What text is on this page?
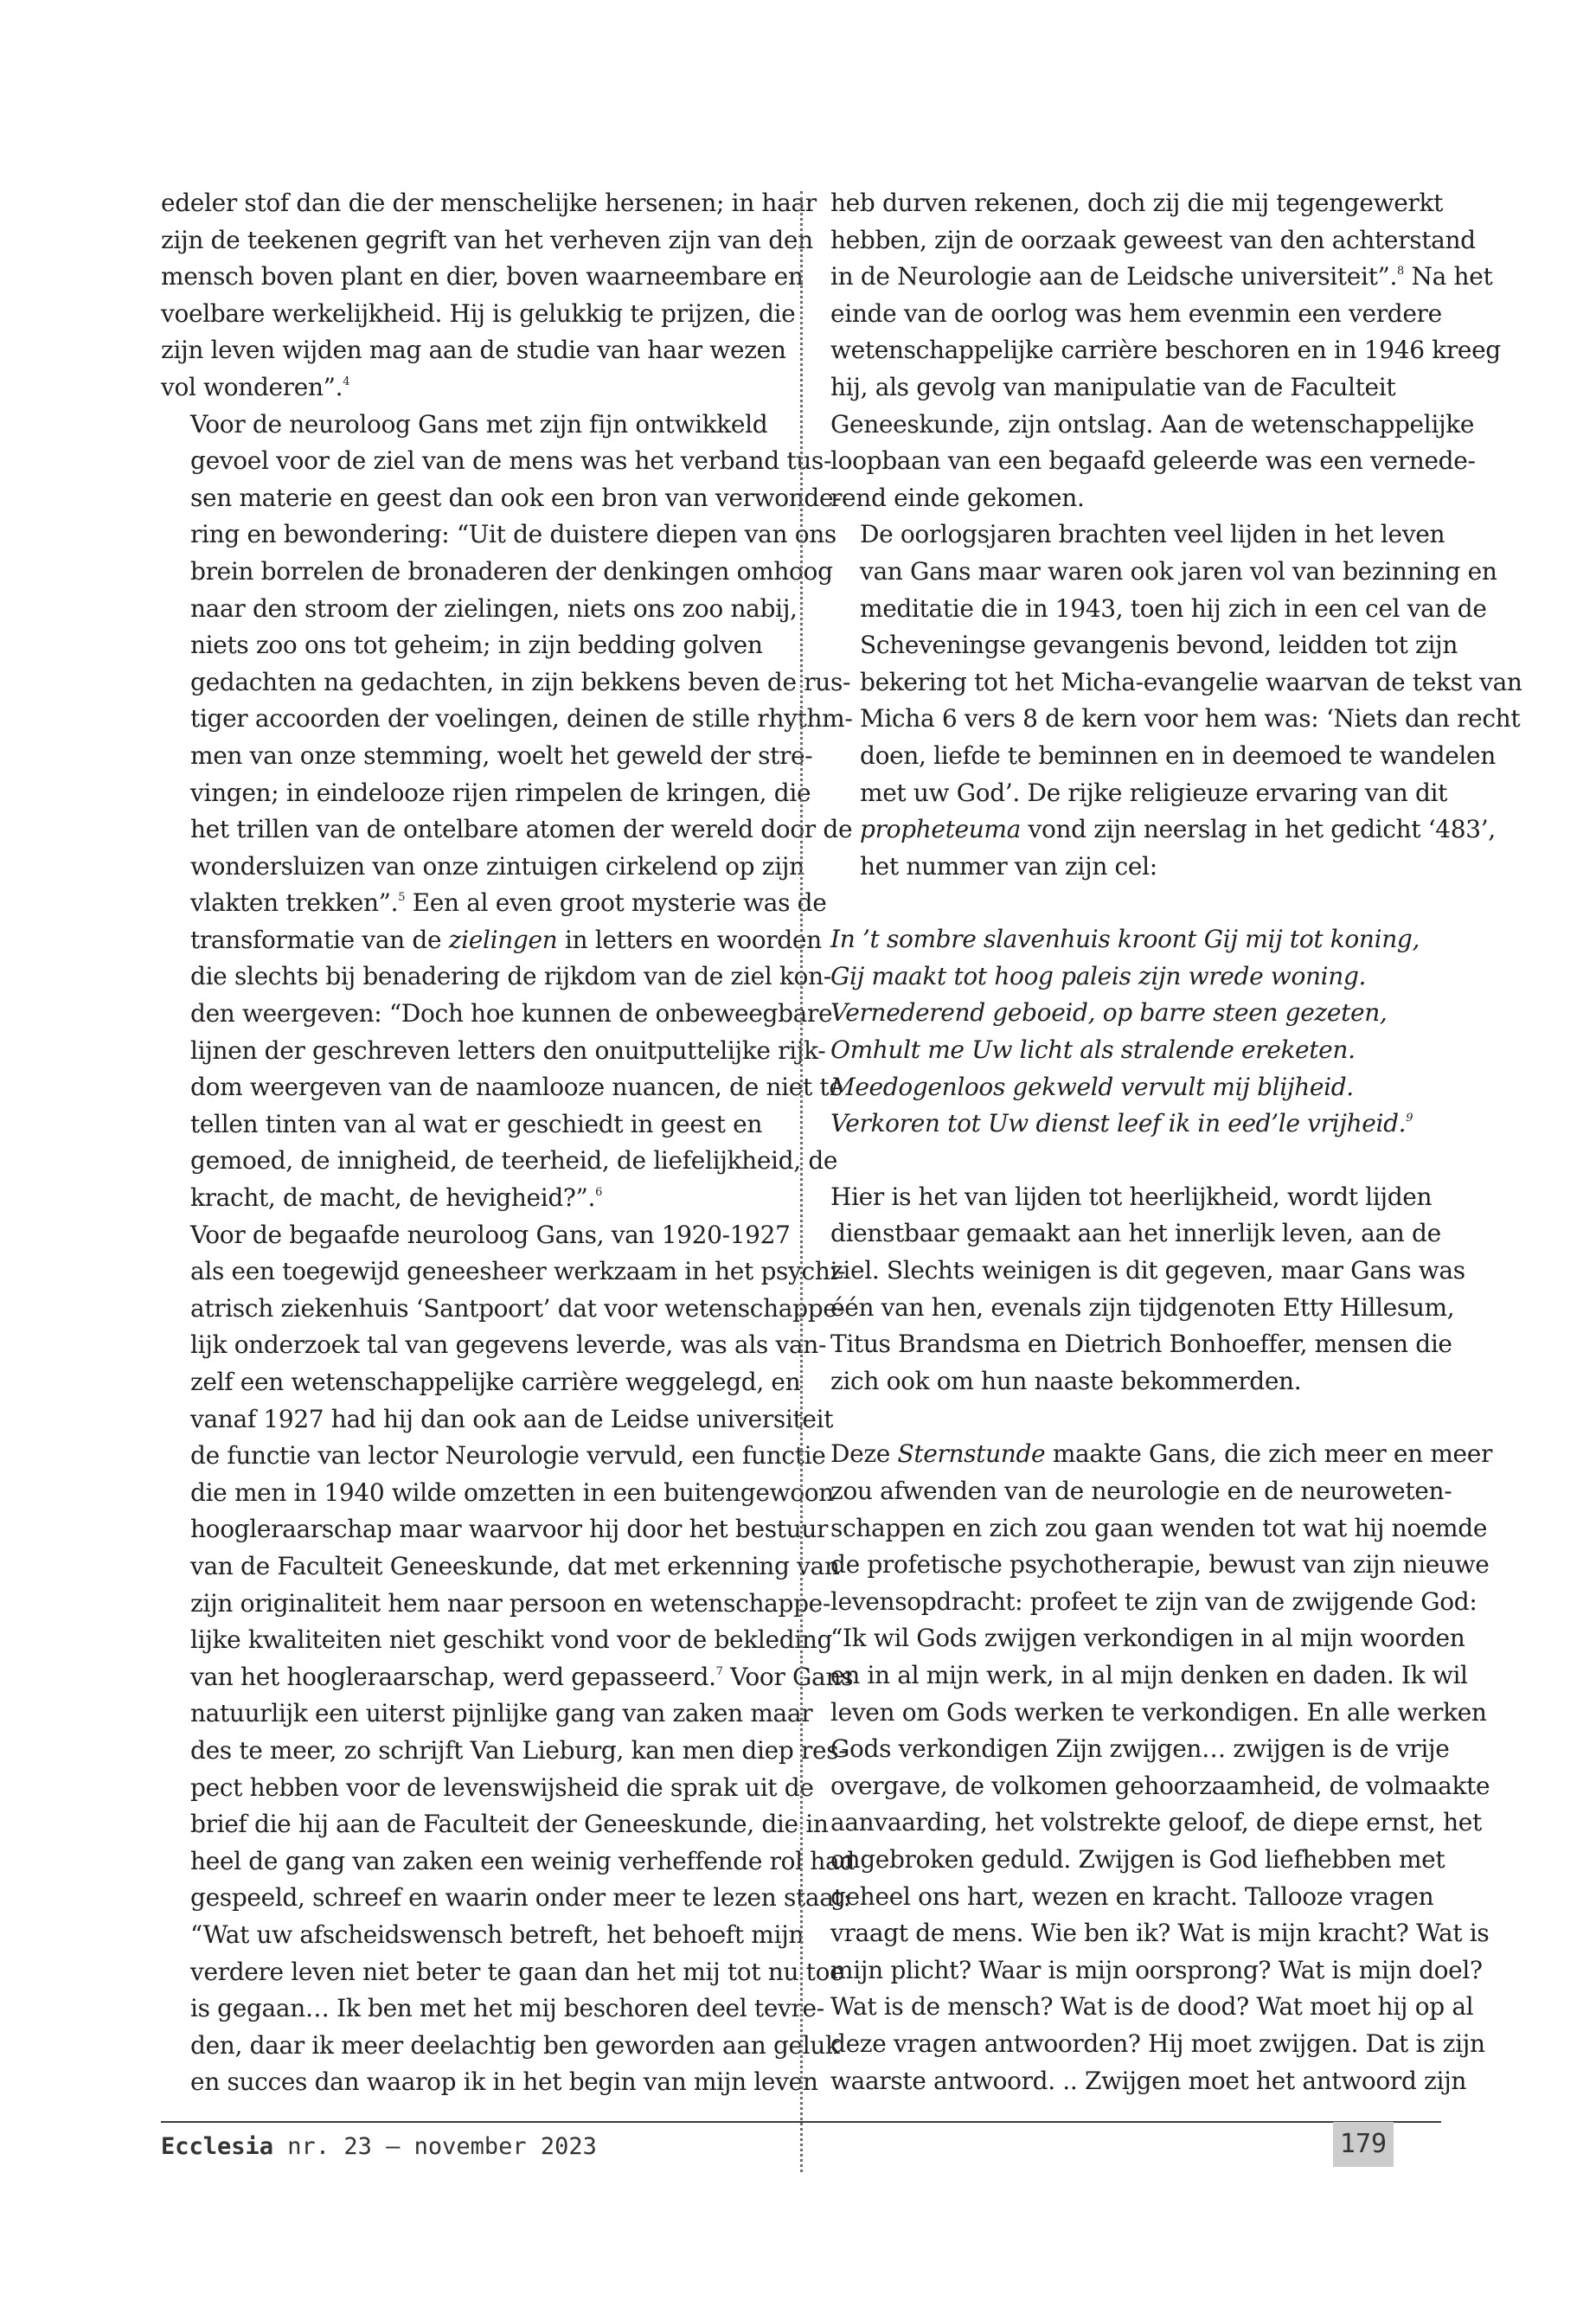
edeler stof dan die der menschelijke hersenen; in haar
zijn de teekenen gegrift van het verheven zijn van den
mensch boven plant en dier, boven waarneembare en
voelbare werkelijkheid. Hij is gelukkig te prijzen, die
zijn leven wijden mag aan de studie van haar wezen
vol wonderen”.$^4$

Voor de neuroloog Gans met zijn fijn ontwikkeld
gevoel voor de ziel van de mens was het verband tus-
sen materie en geest dan ook een bron van verwonde-
ring en bewondering: “Uit de duistere diepen van ons
brein borrelen de bronaderen der denkingen omhoog
naar den stroom der zielingen, niets ons zoo nabij,
niets zoo ons tot geheim; in zijn bedding golven
gedachten na gedachten, in zijn bekkens beven de rus-
tiger accoorden der voelingen, deinen de stille rhythm-
men van onze stemming, woelt het geweld der stre-
vingen; in eindelooze rijen rimpelen de kringen, die
het trillen van de ontelbare atomen der wereld door de
wondersluizen van onze zintuigen cirkelend op zijn
vlakten trekken”.$^5$ Een al even groot mysterie was de
transformatie van de zielingen in letters en woorden
die slechts bij benadering de rijkdom van de ziel kon-
den weergeven: “Doch hoe kunnen de onbeweegbare
lijnen der geschreven letters den onuitputtelijke rijk-
dom weergeven van de naamlooze nuancen, de niet te
tellen tinten van al wat er geschiedt in geest en
gemoed, de innigheid, de teerheid, de liefelijkheid, de
kracht, de macht, de hevigheid?”.$^6$

Voor de begaafde neuroloog Gans, van 1920-1927
als een toegewijd geneesheer werkzaam in het psychi-
atrisch ziekenhuis ‘Santpoort’ dat voor wetenschappe-
lijk onderzoek tal van gegevens leverde, was als van-
zelf een wetenschappelijke carrière weggelegd, en
vanaf 1927 had hij dan ook aan de Leidse universiteit
de functie van lector Neurologie vervuld, een functie
die men in 1940 wilde omzetten in een buitengewoon
hoogleraarschap maar waarvoor hij door het bestuur
van de Faculteit Geneeskunde, dat met erkenning van
zijn originaliteit hem naar persoon en wetenschappe-
lijke kwaliteiten niet geschikt vond voor de bekleding
van het hoogleraarschap, werd gepasseerd.$^7$ Voor Gans
natuurlijk een uiterst pijnlijke gang van zaken maar
des te meer, zo schrijft Van Lieburg, kan men diep res-
pect hebben voor de levenswijsheid die sprak uit de
brief die hij aan de Faculteit der Geneeskunde, die in
heel de gang van zaken een weinig verheffende rol had
gespeeld, schreef en waarin onder meer te lezen staat:
“Wat uw afscheidswensch betreft, het behoeft mijn
verdere leven niet beter te gaan dan het mij tot nu toe
is gegaan… Ik ben met het mij beschoren deel tevre-
den, daar ik meer deelachtig ben geworden aan geluk
en succes dan waarop ik in het begin van mijn leven

heb durven rekenen, doch zij die mij tegengewerkt
hebben, zijn de oorzaak geweest van den achterstand
in de Neurologie aan de Leidsche universiteit”.$^8$ Na het
einde van de oorlog was hem evenmin een verdere
wetenschappelijke carrière beschoren en in 1946 kreeg
hij, als gevolg van manipulatie van de Faculteit
Geneeskunde, zijn ontslag. Aan de wetenschappelijke
loopbaan van een begaafd geleerde was een vernede-
rend einde gekomen.

De oorlogsjaren brachten veel lijden in het leven
van Gans maar waren ook jaren vol van bezinning en
meditatie die in 1943, toen hij zich in een cel van de
Scheveningse gevangenis bevond, leidden tot zijn
bekering tot het Micha-evangelie waarvan de tekst van
Micha 6 vers 8 de kern voor hem was: ‘Niets dan recht
doen, liefde te beminnen en in deemoed te wandelen
met uw God’. De rijke religieuze ervaring van dit
propheteuma vond zijn neerslag in het gedicht ‘483’,
het nummer van zijn cel:

In ’t sombre slavenhuis kroont Gij mij tot koning,
Gij maakt tot hoog paleis zijn wrede woning.
Vernederend geboeid, op barre steen gezeten,
Omhult me Uw licht als stralende ereketen.
Meedogenloos gekweld vervult mij blijheid.
Verkoren tot Uw dienst leef ik in eed’le vrijheid.$^9$

Hier is het van lijden tot heerlijkheid, wordt lijden
dienstbaar gemaakt aan het innerlijk leven, aan de
ziel. Slechts weinigen is dit gegeven, maar Gans was
één van hen, evenals zijn tijdgenoten Etty Hillesum,
Titus Brandsma en Dietrich Bonhoeffer, mensen die
zich ook om hun naaste bekommerden.

Deze Sternstunde maakte Gans, die zich meer en meer
zou afwenden van de neurologie en de neuroweten-
schappen en zich zou gaan wenden tot wat hij noemde
de profetische psychotherapie, bewust van zijn nieuwe
levensopdracht: profeet te zijn van de zwijgende God:
“Ik wil Gods zwijgen verkondigen in al mijn woorden
en in al mijn werk, in al mijn denken en daden. Ik wil
leven om Gods werken te verkondigen. En alle werken
Gods verkondigen Zijn zwijgen… zwijgen is de vrije
overgave, de volkomen gehoorzaamheid, de volmaakte
aanvaarding, het volstrekte geloof, de diepe ernst, het
ongebroken geduld. Zwijgen is God liefhebben met
geheel ons hart, wezen en kracht. Tallooze vragen
vraagt de mens. Wie ben ik? Wat is mijn kracht? Wat is
mijn plicht? Waar is mijn oorsprong? Wat is mijn doel?
Wat is de mensch? Wat is de dood? Wat moet hij op al
deze vragen antwoorden? Hij moet zwijgen. Dat is zijn
waarste antwoord. .. Zwijgen moet het antwoord zijn

Ecclesia nr. 23 – november 2023	179
